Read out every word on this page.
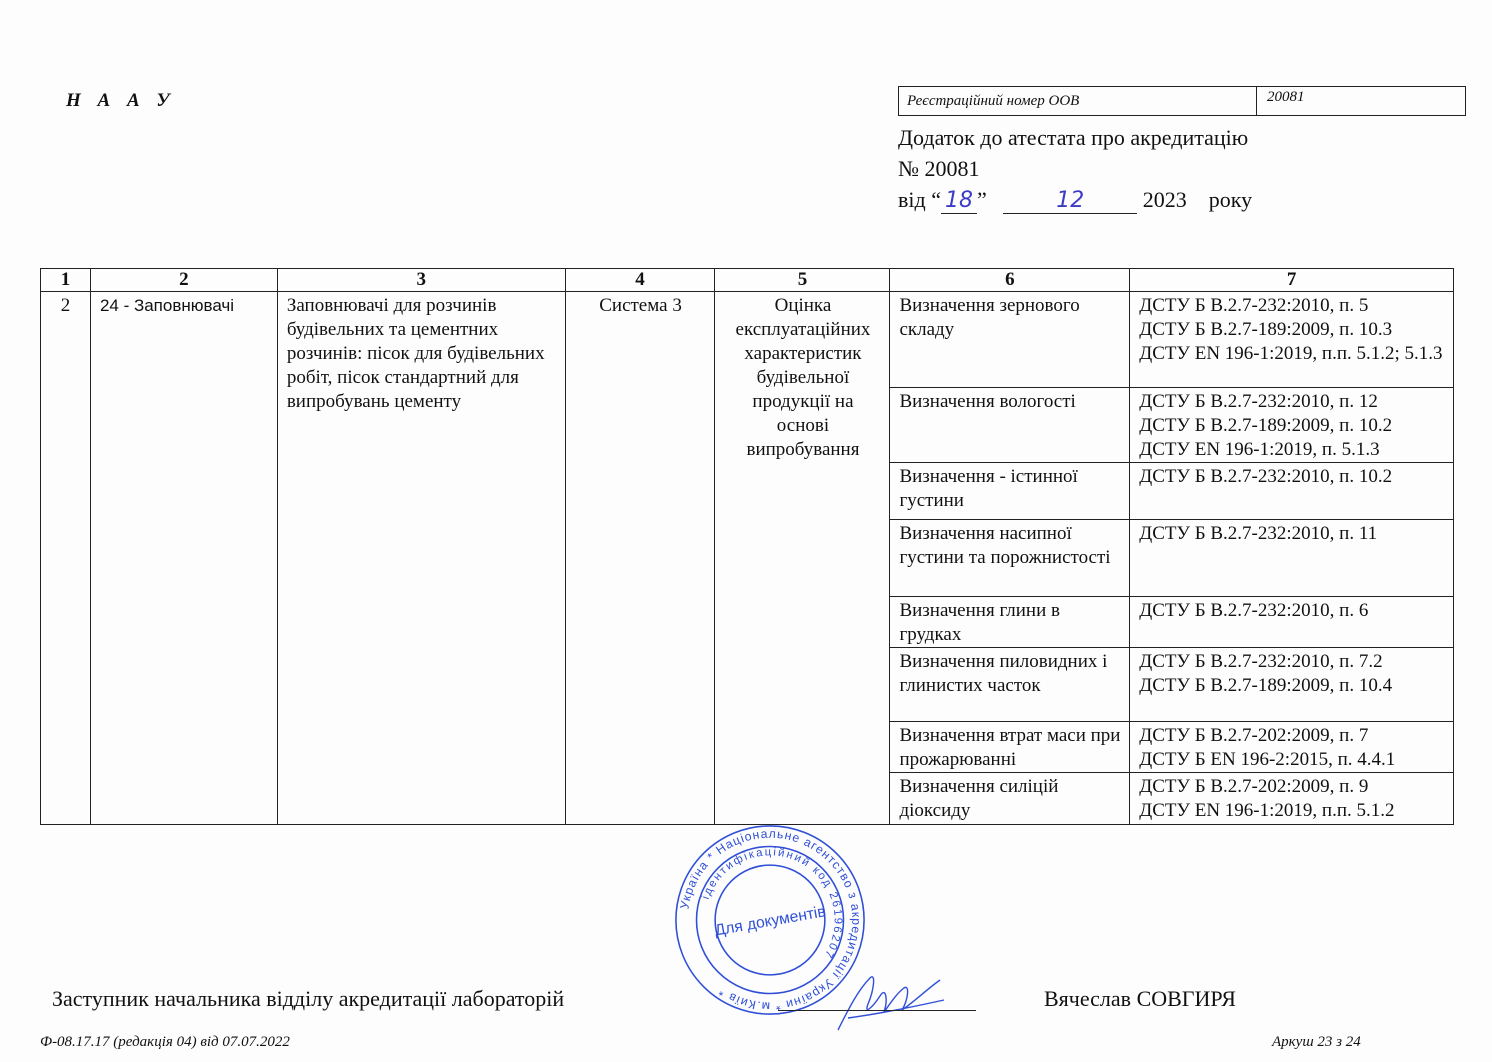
Н А А У	Реєстраційний номер ООВ	20081
Додаток до атестата про акредитацію
№ 20081
від “ 18 ”	12	2023 року
1	2	3	4	5	6	7
2	24 - Заповнювачі	Заповнювачі для розчинів будівельних та цементних розчинів: пісок для будівельних робіт, пісок стандартний для випробувань цементу	Система 3	Оцінка експлуатаційних характеристик будівельної продукції на основі випробування	Визначення зернового складу	ДСТУ Б В.2.7-232:2010, п. 5
ДСТУ Б В.2.7-189:2009, п. 10.3
ДСТУ EN 196-1:2019, п.п. 5.1.2; 5.1.3

					Визначення вологості	ДСТУ Б В.2.7-232:2010, п. 12
ДСТУ Б В.2.7-189:2009, п. 10.2
ДСТУ EN 196-1:2019, п. 5.1.3

					Визначення - істинної густини	ДСТУ Б В.2.7-232:2010, п. 10.2

					Визначення насипної густини та порожнистості	ДСТУ Б В.2.7-232:2010, п. 11

					Визначення глини в грудках	ДСТУ Б В.2.7-232:2010, п. 6

					Визначення пиловидних і глинистих часток	ДСТУ Б В.2.7-232:2010, п. 7.2
ДСТУ Б В.2.7-189:2009, п. 10.4

					Визначення втрат маси при прожарюванні	ДСТУ Б В.2.7-202:2009, п. 7
ДСТУ Б EN 196-2:2015, п. 4.4.1

					Визначення силіцій діоксиду	ДСТУ Б В.2.7-202:2009, п. 9
ДСТУ EN 196-1:2019, п.п. 5.1.2
Україна * Національне агентство з акредитації України * м.Київ *
ідентифікаційний код 26196207
Для документів
Заступник начальника відділу акредитації лабораторій	Вячеслав СОВГИРЯ
Ф-08.17.17 (редакція 04) від 07.07.2022	Аркуш 23 з 24
